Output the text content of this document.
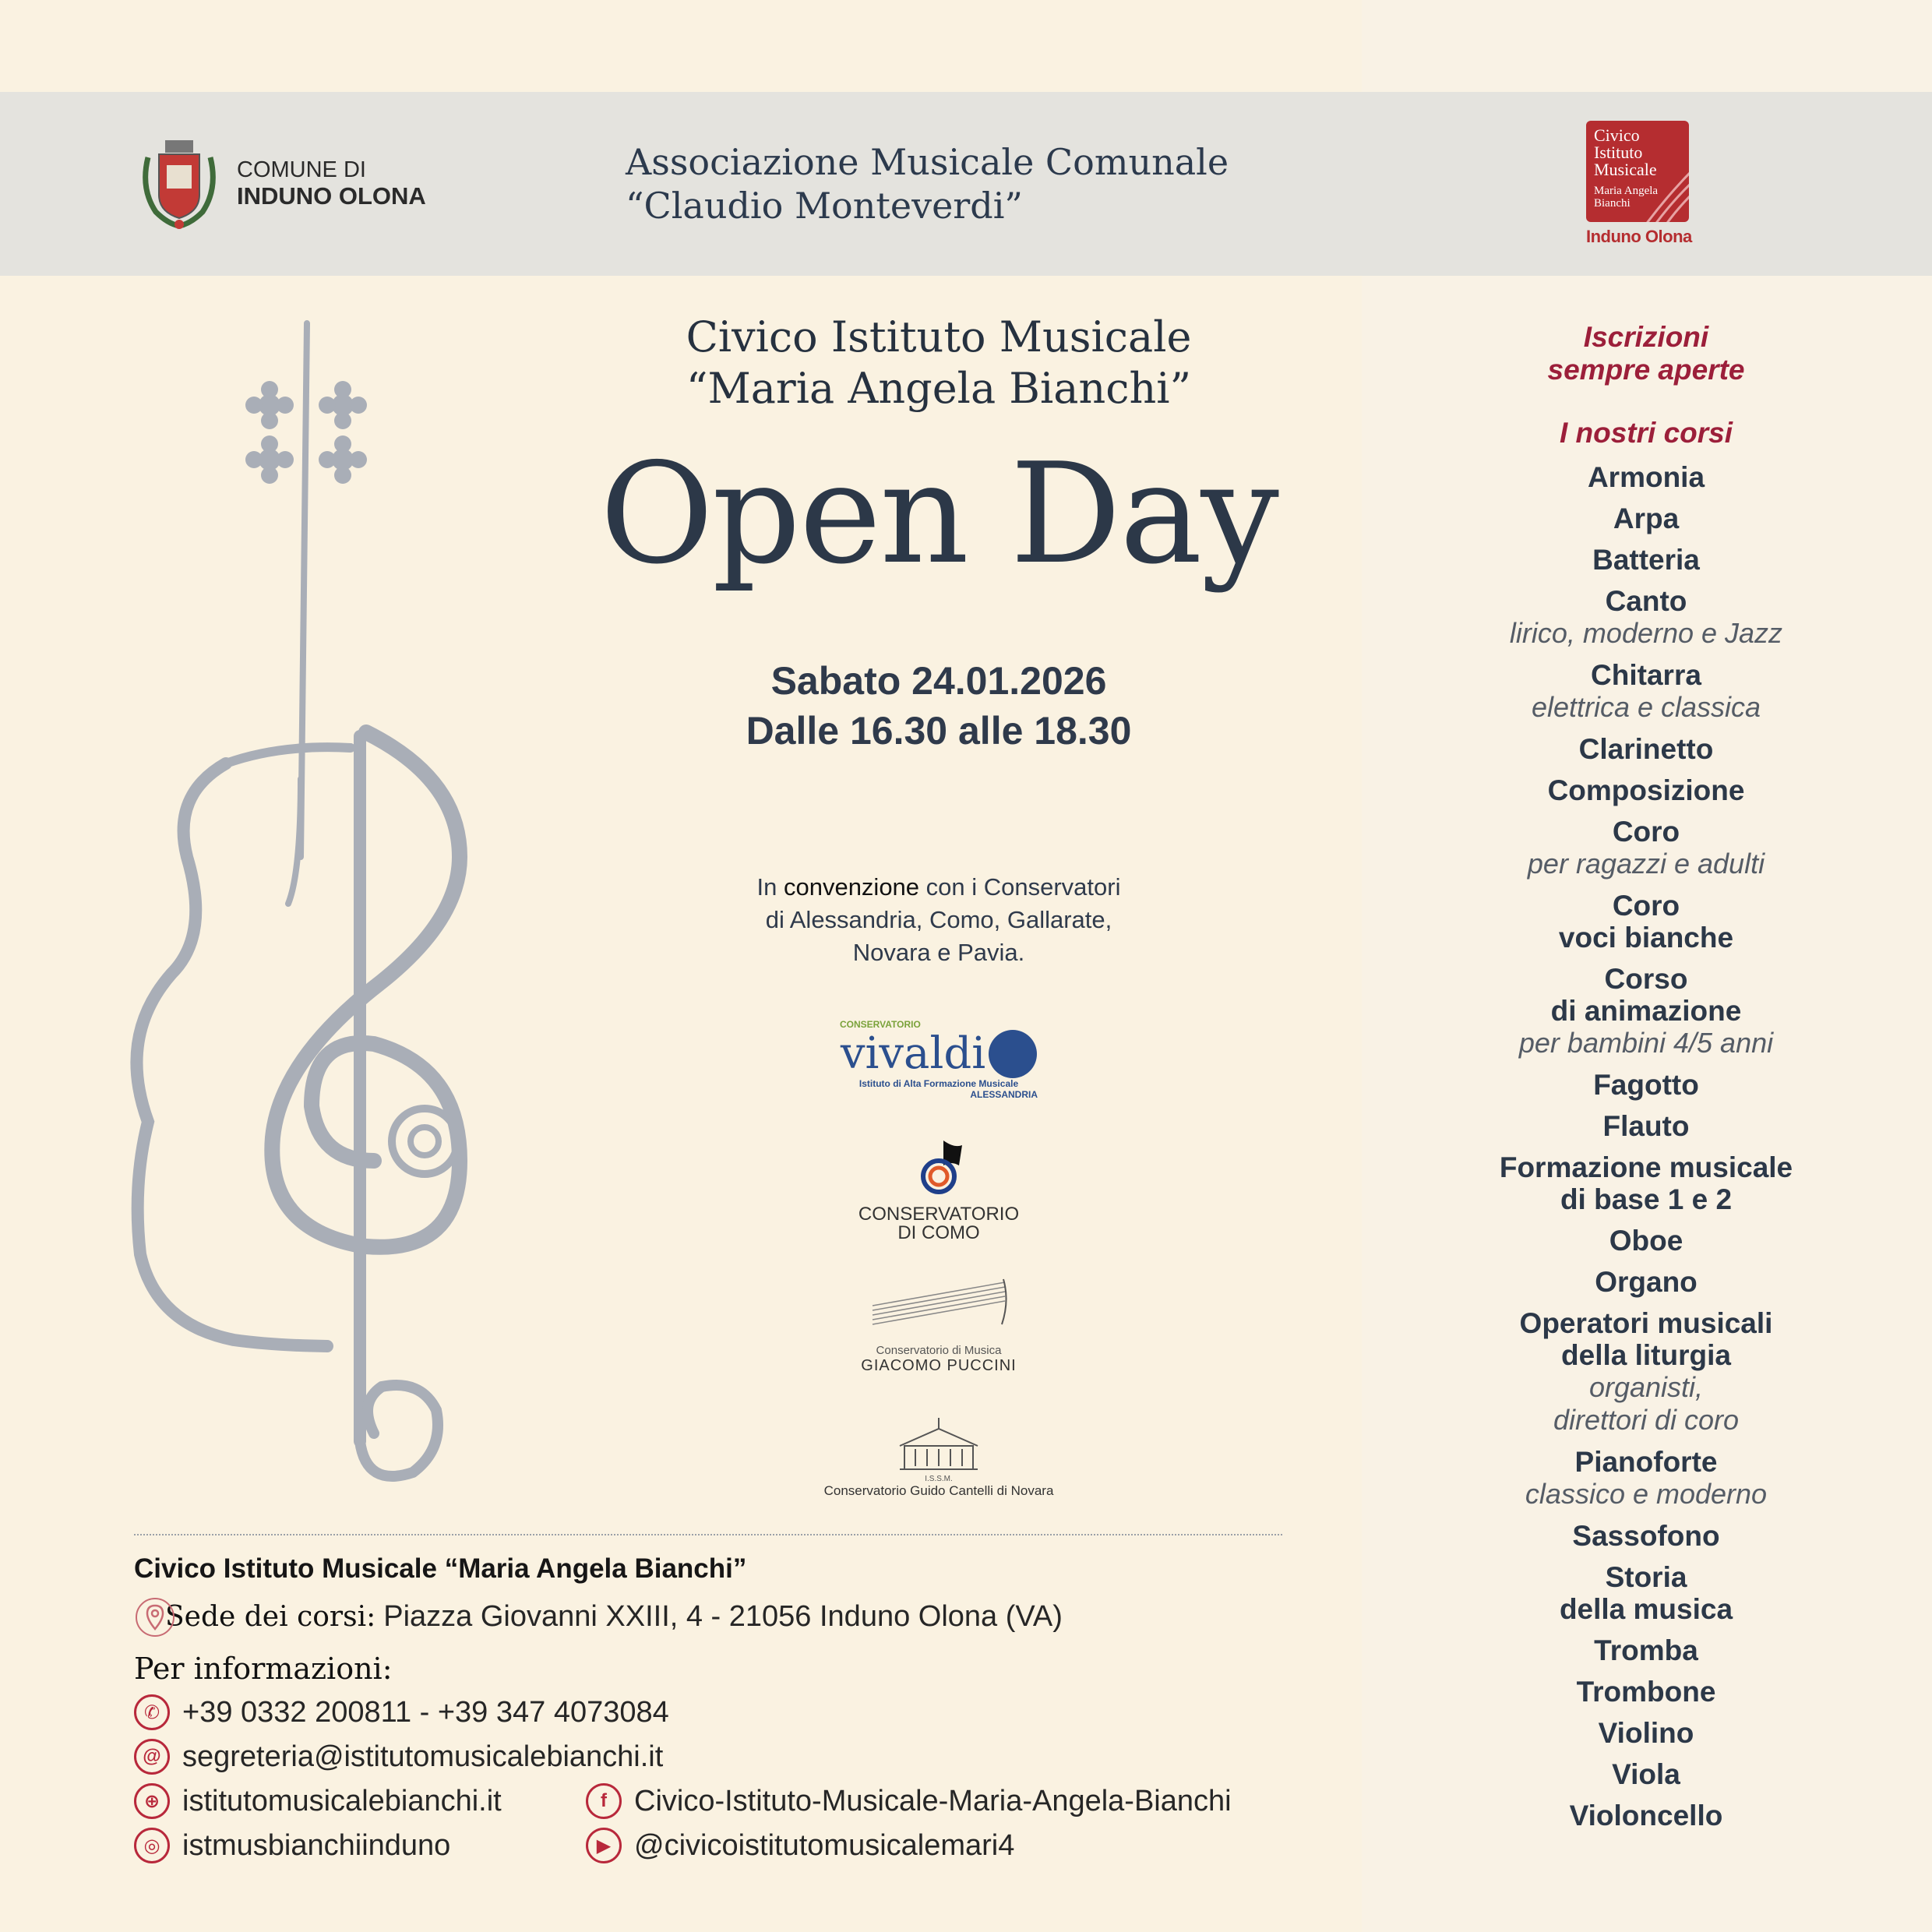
COMUNE DI
INDUNO OLONA
Associazione Musicale Comunale
“Claudio Monteverdi”
Civico
Istituto
Musicale
Maria Angela
Bianchi
Induno Olona
Civico Istituto Musicale
“Maria Angela Bianchi”
Open Day
Sabato 24.01.2026
Dalle 16.30 alle 18.30
In convenzione con i Conservatori
di Alessandria, Como, Gallarate,
Novara e Pavia.
CONSERVATORIO
vivaldi
Istituto di Alta Formazione Musicale
ALESSANDRIA
CONSERVATORIO
DI COMO
Conservatorio di Musica
GIACOMO PUCCINI
I.S.S.M.
Conservatorio Guido Cantelli di Novara
Civico Istituto Musicale “Maria Angela Bianchi”
Sede dei corsi: Piazza Giovanni XXIII, 4 - 21056 Induno Olona (VA)
Per informazioni:
✆ +39 0332 200811 - +39 347 4073084
@ segreteria@istitutomusicalebianchi.it
⊕ istitutomusicalebianchi.it	f Civico-Istituto-Musicale-Maria-Angela-Bianchi
◎ istmusbianchiinduno	▶ @civicoistitutomusicalemari4
Iscrizioni
sempre aperte
I nostri corsi
Armonia
Arpa
Batteria
Canto
lirico, moderno e Jazz
Chitarra
elettrica e classica
Clarinetto
Composizione
Coro
per ragazzi e adulti
Coro
voci bianche
Corso
di animazione
per bambini 4/5 anni
Fagotto
Flauto
Formazione musicale
di base 1 e 2
Oboe
Organo
Operatori musicali
della liturgia
organisti,
direttori di coro
Pianoforte
classico e moderno
Sassofono
Storia
della musica
Tromba
Trombone
Violino
Viola
Violoncello
